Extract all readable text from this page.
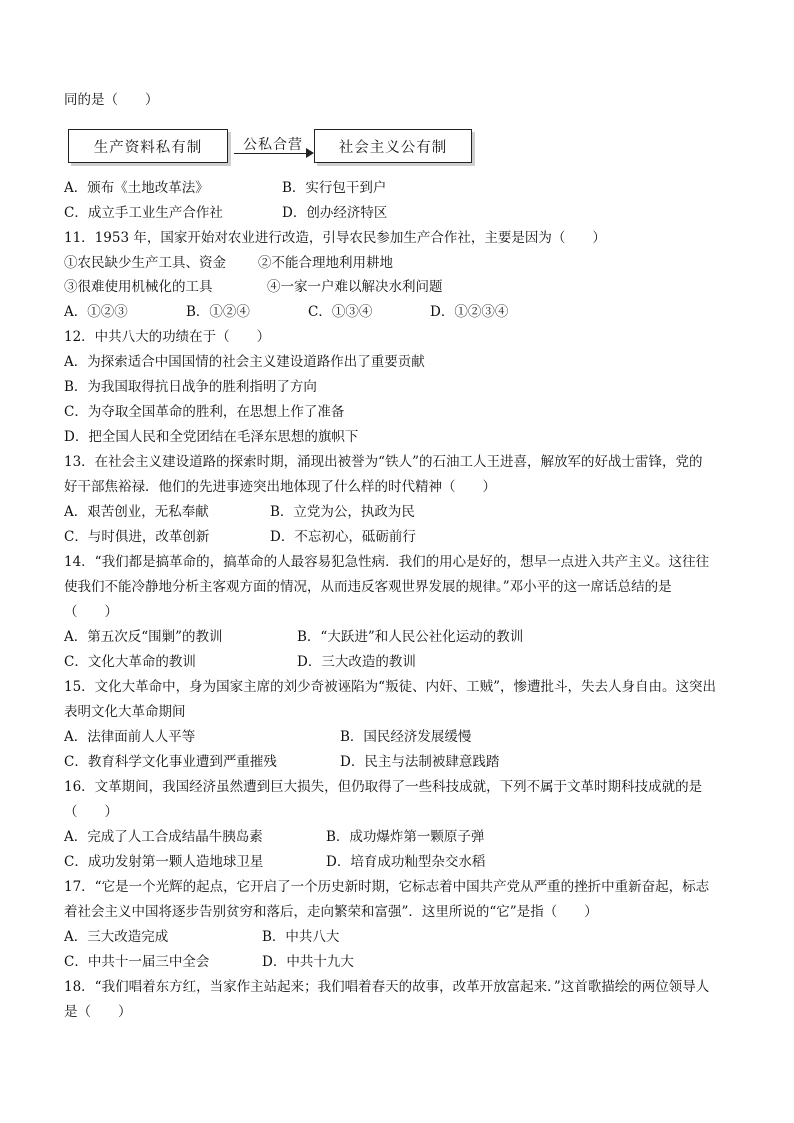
同的是（　　）
生产资料私有制	公私合营	社会主义公有制
A．颁布《土地改革法》	B．实行包干到户
C．成立手工业生产合作社	D．创办经济特区
11．1953 年，国家开始对农业进行改造，引导农民参加生产合作社，主要是因为（　　）
①农民缺少生产工具、资金 ②不能合理地利用耕地
③很难使用机械化的工具	④一家一户难以解决水利问题
A．①②③	B．①②④	C．①③④	D．①②③④
12．中共八大的功绩在于（　　）
A．为探索适合中国国情的社会主义建设道路作出了重要贡献
B．为我国取得抗日战争的胜利指明了方向
C．为夺取全国革命的胜利，在思想上作了准备
D．把全国人民和全党团结在毛泽东思想的旗帜下
13．在社会主义建设道路的探索时期，涌现出被誉为“铁人”的石油工人王进喜，解放军的好战士雷锋，党的
好干部焦裕禄．他们的先进事迹突出地体现了什么样的时代精神（　　）
A．艰苦创业，无私奉献	B．立党为公，执政为民
C．与时俱进，改革创新	D．不忘初心，砥砺前行
14．“我们都是搞革命的，搞革命的人最容易犯急性病．我们的用心是好的，想早一点进入共产主义。这往往
使我们不能冷静地分析主客观方面的情况，从而违反客观世界发展的规律。”邓小平的这一席话总结的是
（　　）
A．第五次反“围剿”的教训	B．“大跃进”和人民公社化运动的教训
C．文化大革命的教训	D．三大改造的教训
15．文化大革命中，身为国家主席的刘少奇被诬陷为“叛徒、内奸、工贼”，惨遭批斗，失去人身自由。这突出
表明文化大革命期间
A．法律面前人人平等	B．国民经济发展缓慢
C．教育科学文化事业遭到严重摧残	D．民主与法制被肆意践踏
16．文革期间，我国经济虽然遭到巨大损失，但仍取得了一些科技成就，下列不属于文革时期科技成就的是
（　　）
A．完成了人工合成结晶牛胰岛素	B．成功爆炸第一颗原子弹
C．成功发射第一颗人造地球卫星	D．培育成功籼型杂交水稻
17．“它是一个光辉的起点，它开启了一个历史新时期，它标志着中国共产党从严重的挫折中重新奋起，标志
着社会主义中国将逐步告别贫穷和落后，走向繁荣和富强”．这里所说的“它”是指（　　）
A．三大改造完成	B．中共八大
C．中共十一届三中全会	D．中共十九大
18．“我们唱着东方红，当家作主站起来；我们唱着春天的故事，改革开放富起来．”这首歌描绘的两位领导人
是（　　）
